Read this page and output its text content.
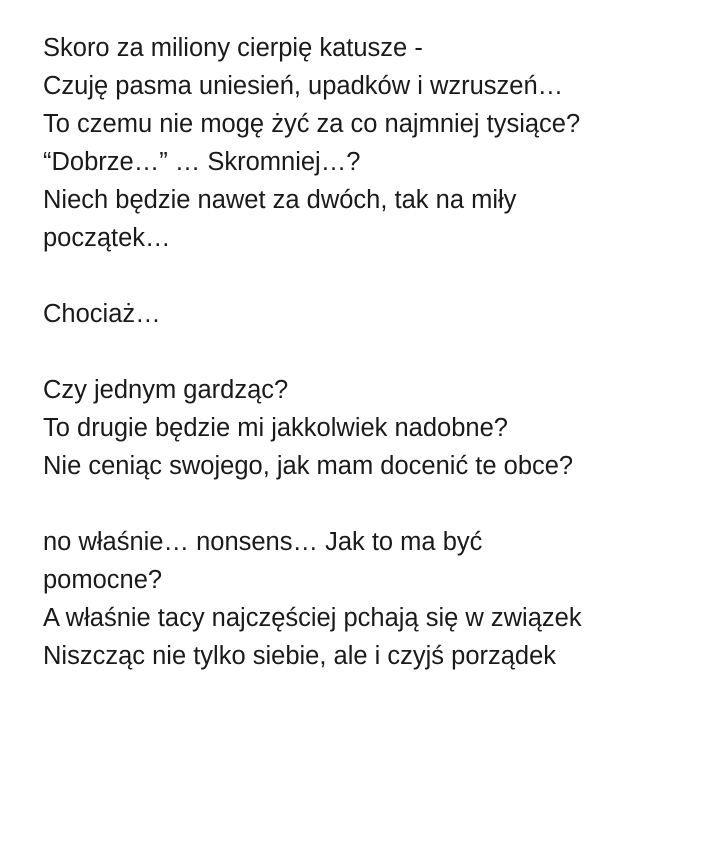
Skoro za miliony cierpię katusze -
Czuję pasma uniesień, upadków i wzruszeń…
To czemu nie mogę żyć za co najmniej tysiące?
“Dobrze…” … Skromniej…?
Niech będzie nawet za dwóch, tak na miły
początek…
Chociaż…
Czy jednym gardząc?
To drugie będzie mi jakkolwiek nadobne?
Nie ceniąc swojego, jak mam docenić te obce?
no właśnie… nonsens… Jak to ma być
pomocne?
A właśnie tacy najczęściej pchają się w związek
Niszcząc nie tylko siebie, ale i czyjś porządek
